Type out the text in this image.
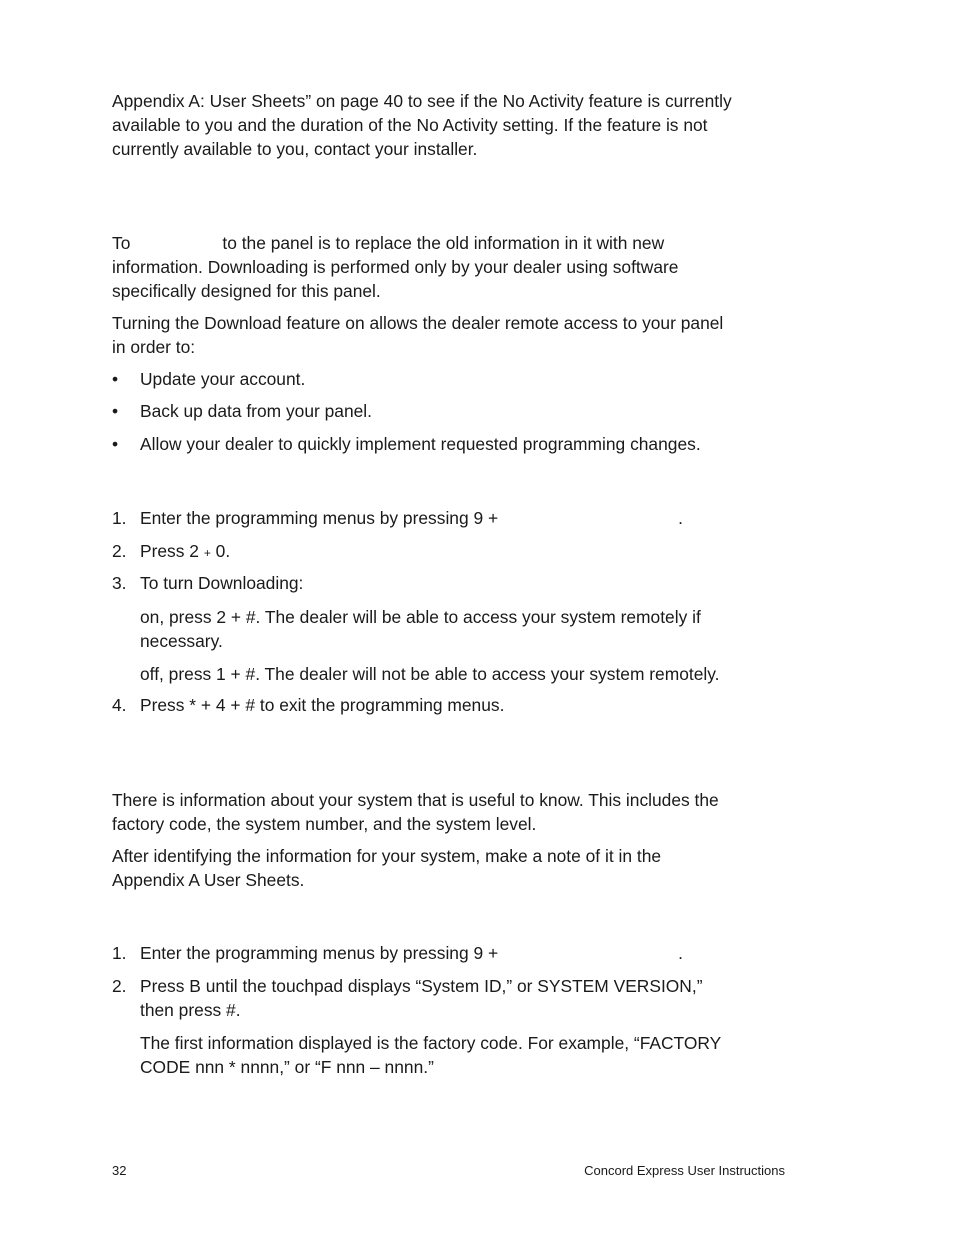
Appendix A: User Sheets” on page 40 to see if the No Activity feature is currently
available to you and the duration of the No Activity setting. If the feature is not
currently available to you, contact your installer.

To	to the panel is to replace the old information in it with new
information. Downloading is performed only by your dealer using software
specifically designed for this panel.

Turning the Download feature on allows the dealer remote access to your panel
in order to:

• Update your account.
• Back up data from your panel.
• Allow your dealer to quickly implement requested programming changes.
1. Enter the programming menus by pressing 9 +	.
2. Press 2 + 0.
3. To turn Downloading:

on, press 2 + #. The dealer will be able to access your system remotely if
necessary.

off, press 1 + #. The dealer will not be able to access your system remotely.

4. Press * + 4 + # to exit the programming menus.

There is information about your system that is useful to know. This includes the
factory code, the system number, and the system level.

After identifying the information for your system, make a note of it in the
Appendix A User Sheets.

1. Enter the programming menus by pressing 9 +	.
2. Press B until the touchpad displays “System ID,” or SYSTEM VERSION,”
then press #.

The first information displayed is the factory code. For example, “FACTORY
CODE nnn * nnnn,” or “F nnn – nnnn.”

32	Concord Express User Instructions
